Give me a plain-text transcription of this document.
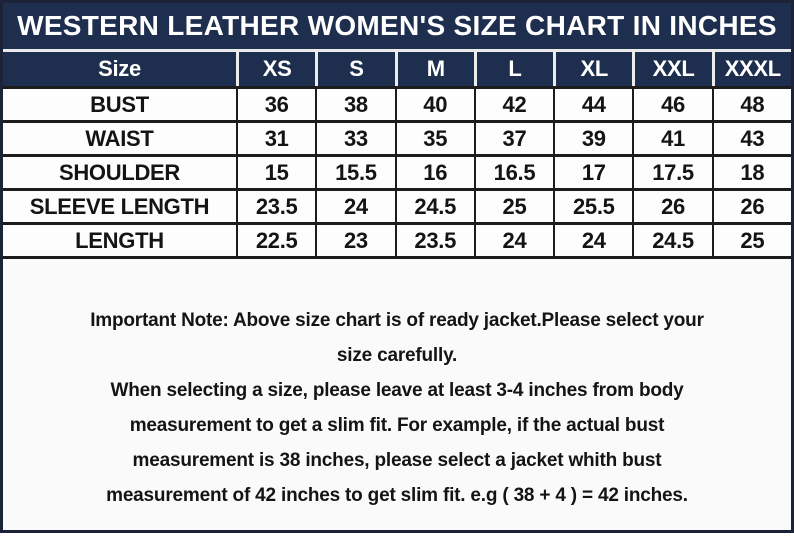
WESTERN LEATHER WOMEN'S SIZE CHART IN INCHES
Size	XS	S	M	L	XL	XXL	XXXL
BUST	36	38	40	42	44	46	48
WAIST	31	33	35	37	39	41	43
SHOULDER	15	15.5	16	16.5	17	17.5	18
SLEEVE LENGTH	23.5	24	24.5	25	25.5	26	26
LENGTH	22.5	23	23.5	24	24	24.5	25
Important Note: Above size chart is of ready jacket.Please select your
size carefully.
When selecting a size, please leave at least 3-4 inches from body
measurement to get a slim fit. For example, if the actual bust
measurement is 38 inches, please select a jacket whith bust
measurement of 42 inches to get slim fit. e.g ( 38 + 4 ) = 42 inches.
